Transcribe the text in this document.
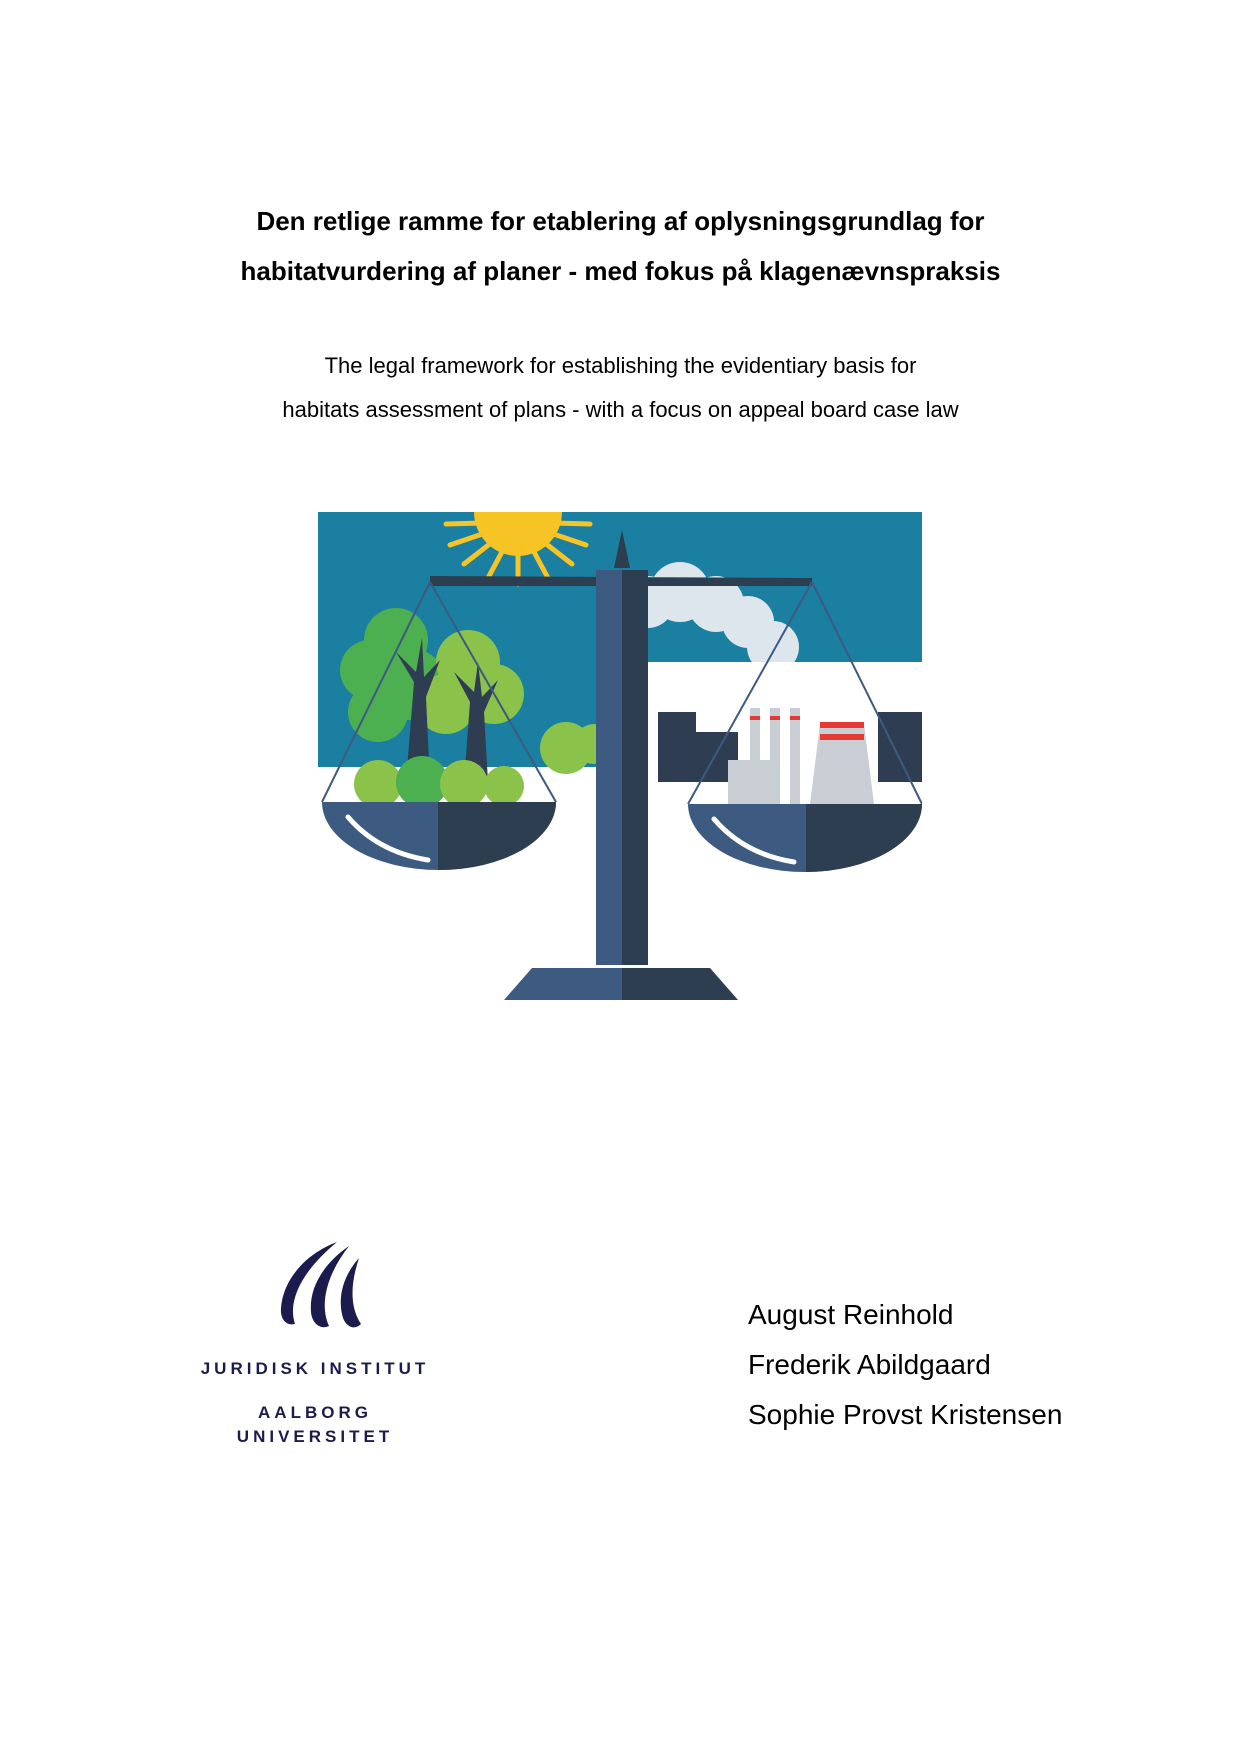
Den retlige ramme for etablering af oplysningsgrundlag for
habitatvurdering af planer - med fokus på klagenævnspraksis
The legal framework for establishing the evidentiary basis for
habitats assessment of plans - with a focus on appeal board case law
JURIDISK INSTITUT
AALBORG
UNIVERSITET
August Reinhold
Frederik Abildgaard
Sophie Provst Kristensen
